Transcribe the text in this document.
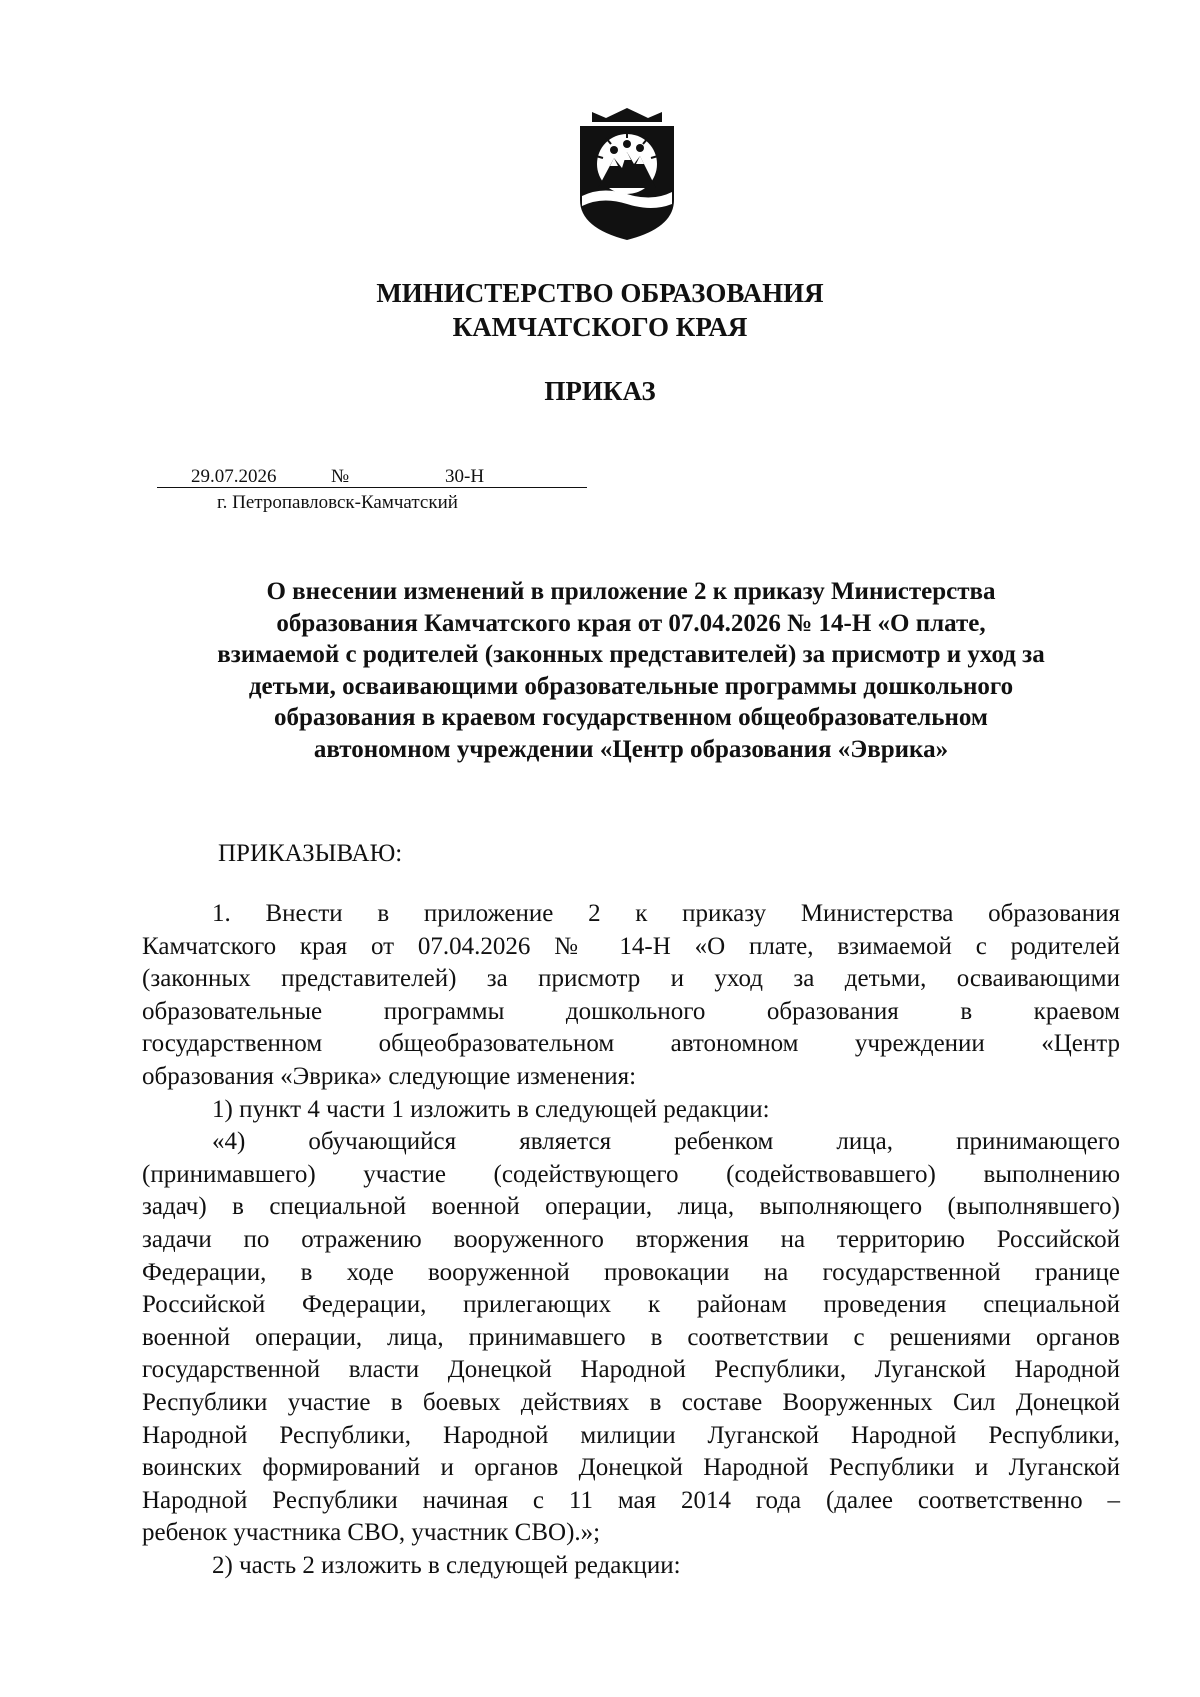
МИНИСТЕРСТВО ОБРАЗОВАНИЯ
КАМЧАТСКОГО КРАЯ
ПРИКАЗ
29.07.2026	№	30-Н
г. Петропавловск-Камчатский
О внесении изменений в приложение 2 к приказу Министерства
образования Камчатского края от 07.04.2026 № 14-Н «О плате,
взимаемой с родителей (законных представителей) за присмотр и уход за
детьми, осваивающими образовательные программы дошкольного
образования в краевом государственном общеобразовательном
автономном учреждении «Центр образования «Эврика»
ПРИКАЗЫВАЮ:

1. Внести в приложение 2 к приказу Министерства образования

Камчатского края от 07.04.2026 № 14-Н «О плате, взимаемой с родителей

(законных представителей) за присмотр и уход за детьми, осваивающими

образовательные программы дошкольного образования в краевом

государственном общеобразовательном автономном учреждении «Центр

образования «Эврика» следующие изменения:

1) пункт 4 части 1 изложить в следующей редакции:

«4) обучающийся является ребенком лица, принимающего

(принимавшего) участие (содействующего (содействовавшего) выполнению

задач) в специальной военной операции, лица, выполняющего (выполнявшего)

задачи по отражению вооруженного вторжения на территорию Российской

Федерации, в ходе вооруженной провокации на государственной границе

Российской Федерации, прилегающих к районам проведения специальной

военной операции, лица, принимавшего в соответствии с решениями органов

государственной власти Донецкой Народной Республики, Луганской Народной

Республики участие в боевых действиях в составе Вооруженных Сил Донецкой

Народной Республики, Народной милиции Луганской Народной Республики,

воинских формирований и органов Донецкой Народной Республики и Луганской

Народной Республики начиная с 11 мая 2014 года (далее соответственно –

ребенок участника СВО, участник СВО).»;

2) часть 2 изложить в следующей редакции:
